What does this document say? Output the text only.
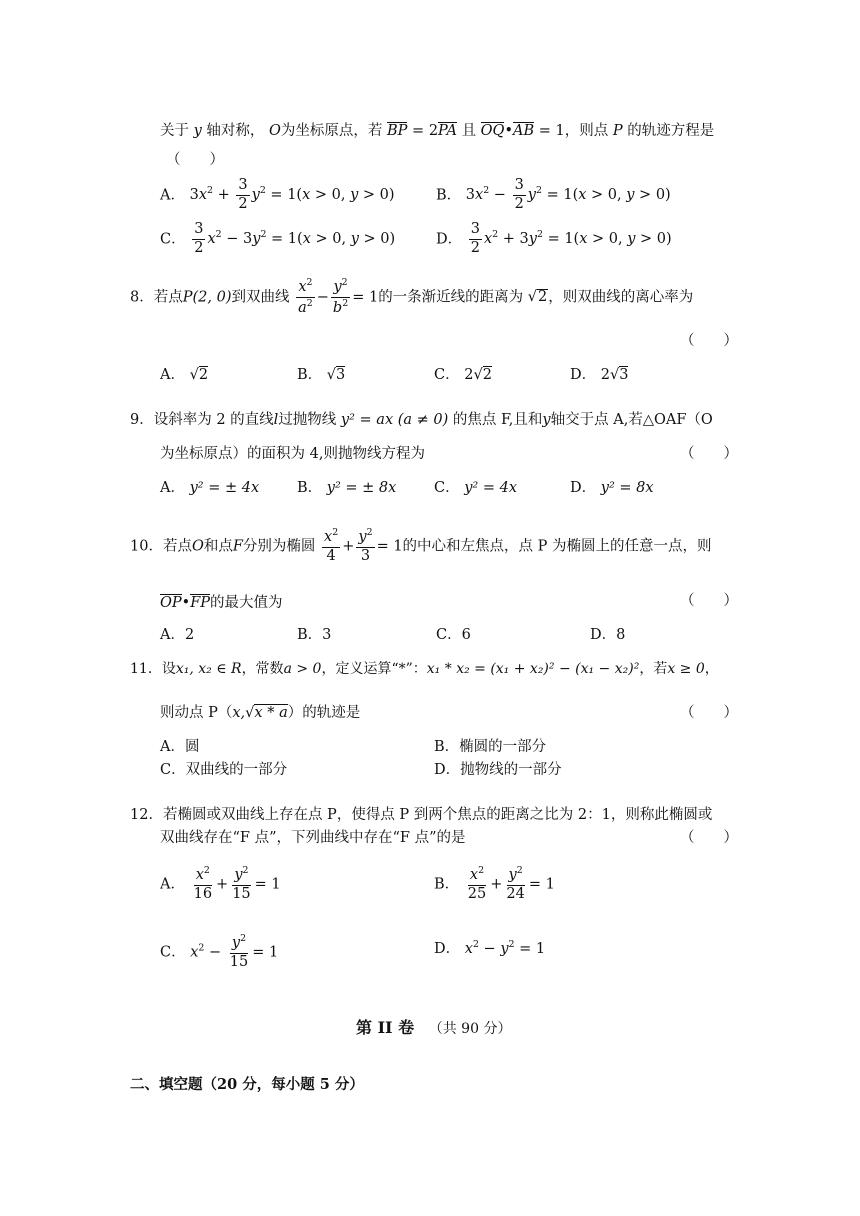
关于 y 轴对称， O为坐标原点，若 BP = 2PA 且 OQ•AB = 1，则点 P 的轨迹方程是
（　　）
A． $3x^2 + \frac{3}{2} y^2 = 1(x > 0$, y > 0)	B． $3x^2 - \frac{3}{2} y^2 = 1(x > 0$, y > 0)
C． $\frac{3}{2} x^2 - 3y^2 = 1(x > 0$, y > 0)	D． $\frac{3}{2} x^2 + 3y^2 = 1(x > 0$, y > 0)
8．若点P(2, 0)到双曲线 $\frac{x^2}{a^2} - \frac{y^2}{b^2} = 1$的一条渐近线的距离为 √2，则双曲线的离心率为
（　　）
A． √2	B． √3	C． 2√2	D． 2√3
9．设斜率为 2 的直线l过抛物线 y² = ax (a ≠ 0) 的焦点 F,且和y轴交于点 A,若△OAF（O
为坐标原点）的面积为 4,则抛物线方程为	（　　）
A． y² = ± 4x	B． y² = ± 8x	C． y² = 4x	D． y² = 8x
10．若点O和点F分别为椭圆 $\frac{x^2}{4} + \frac{y^2}{3} = 1$的中心和左焦点，点 P 为椭圆上的任意一点，则
OP•FP的最大值为	（　　）
A．2	B．3	C．6	D．8
11．设x₁, x₂ ∈ R，常数a > 0，定义运算“*”：x₁ * x₂ = (x₁ + x₂)² − (x₁ − x₂)²，若x ≥ 0，
则动点 P（x,√x * a）的轨迹是	（　　）
A．圆	B．椭圆的一部分
C．双曲线的一部分	D．抛物线的一部分
12．若椭圆或双曲线上存在点 P，使得点 P 到两个焦点的距离之比为 2：1，则称此椭圆或
双曲线存在“F 点”，下列曲线中存在“F 点”的是	（　　）
A． $\frac{x^2}{16} + \frac{y^2}{15} = 1$	B． $\frac{x^2}{25} + \frac{y^2}{24} = 1$
C． $x^2 - \frac{y^2}{15} = 1$	D． $x^2 - y^2 = 1$
第 II 卷 （共 90 分）
二、填空题（20 分，每小题 5 分）
